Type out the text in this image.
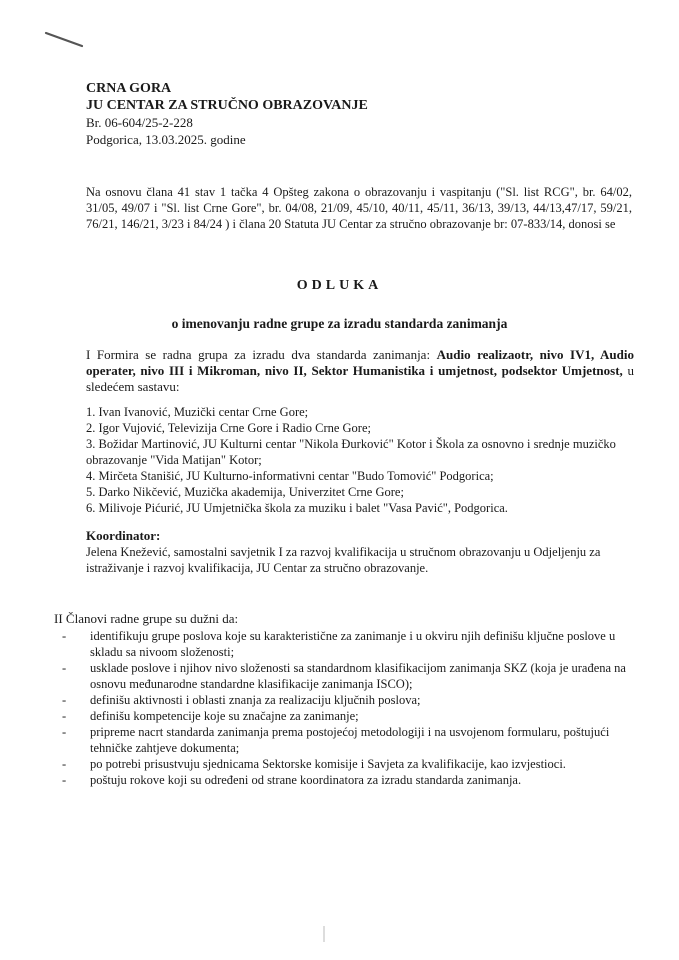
CRNA GORA
JU CENTAR ZA STRUČNO OBRAZOVANJE
Br. 06-604/25-2-228
Podgorica, 13.03.2025. godine
Na osnovu člana 41 stav 1 tačka 4 Opšteg zakona o obrazovanju i vaspitanju ("Sl. list RCG", br. 64/02, 31/05, 49/07 i "Sl. list Crne Gore", br. 04/08, 21/09, 45/10, 40/11, 45/11, 36/13, 39/13, 44/13,47/17, 59/21, 76/21, 146/21, 3/23 i 84/24 ) i člana 20 Statuta JU Centar za stručno obrazovanje br: 07-833/14, donosi se
ODLUKA
o imenovanju radne grupe za izradu standarda zanimanja
I Formira se radna grupa za izradu dva standarda zanimanja: Audio realizaotr, nivo IV1, Audio operater, nivo III i Mikroman, nivo II, Sektor Humanistika i umjetnost, podsektor Umjetnost, u sledećem sastavu:
1. Ivan Ivanović, Muzički centar Crne Gore;
2. Igor Vujović, Televizija Crne Gore i Radio Crne Gore;
3. Božidar Martinović, JU Kulturni centar "Nikola Đurković" Kotor i Škola za osnovno i srednje muzičko obrazovanje "Vida Matijan" Kotor;
4. Mirčeta Stanišić, JU Kulturno-informativni centar "Budo Tomović" Podgorica;
5. Darko Nikčević, Muzička akademija, Univerzitet Crne Gore;
6. Milivoje Pićurić, JU Umjetnička škola za muziku i balet "Vasa Pavić", Podgorica.
Koordinator:
Jelena Knežević, samostalni savjetnik I za razvoj kvalifikacija u stručnom obrazovanju u Odjeljenju za istraživanje i razvoj kvalifikacija, JU Centar za stručno obrazovanje.
II Članovi radne grupe su dužni da:
- identifikuju grupe poslova koje su karakteristične za zanimanje i u okviru njih definišu ključne poslove u skladu sa nivoom složenosti;
- usklade poslove i njihov nivo složenosti sa standardnom klasifikacijom zanimanja SKZ (koja je urađena na osnovu međunarodne standardne klasifikacije zanimanja ISCO);
- definišu aktivnosti i oblasti znanja za realizaciju ključnih poslova;
- definišu kompetencije koje su značajne za zanimanje;
- pripreme nacrt standarda zanimanja prema postojećoj metodologiji i na usvojenom formularu, poštujući tehničke zahtjeve dokumenta;
- po potrebi prisustvuju sjednicama Sektorske komisije i Savjeta za kvalifikacije, kao izvjestioci.
- poštuju rokove koji su određeni od strane koordinatora za izradu standarda zanimanja.
